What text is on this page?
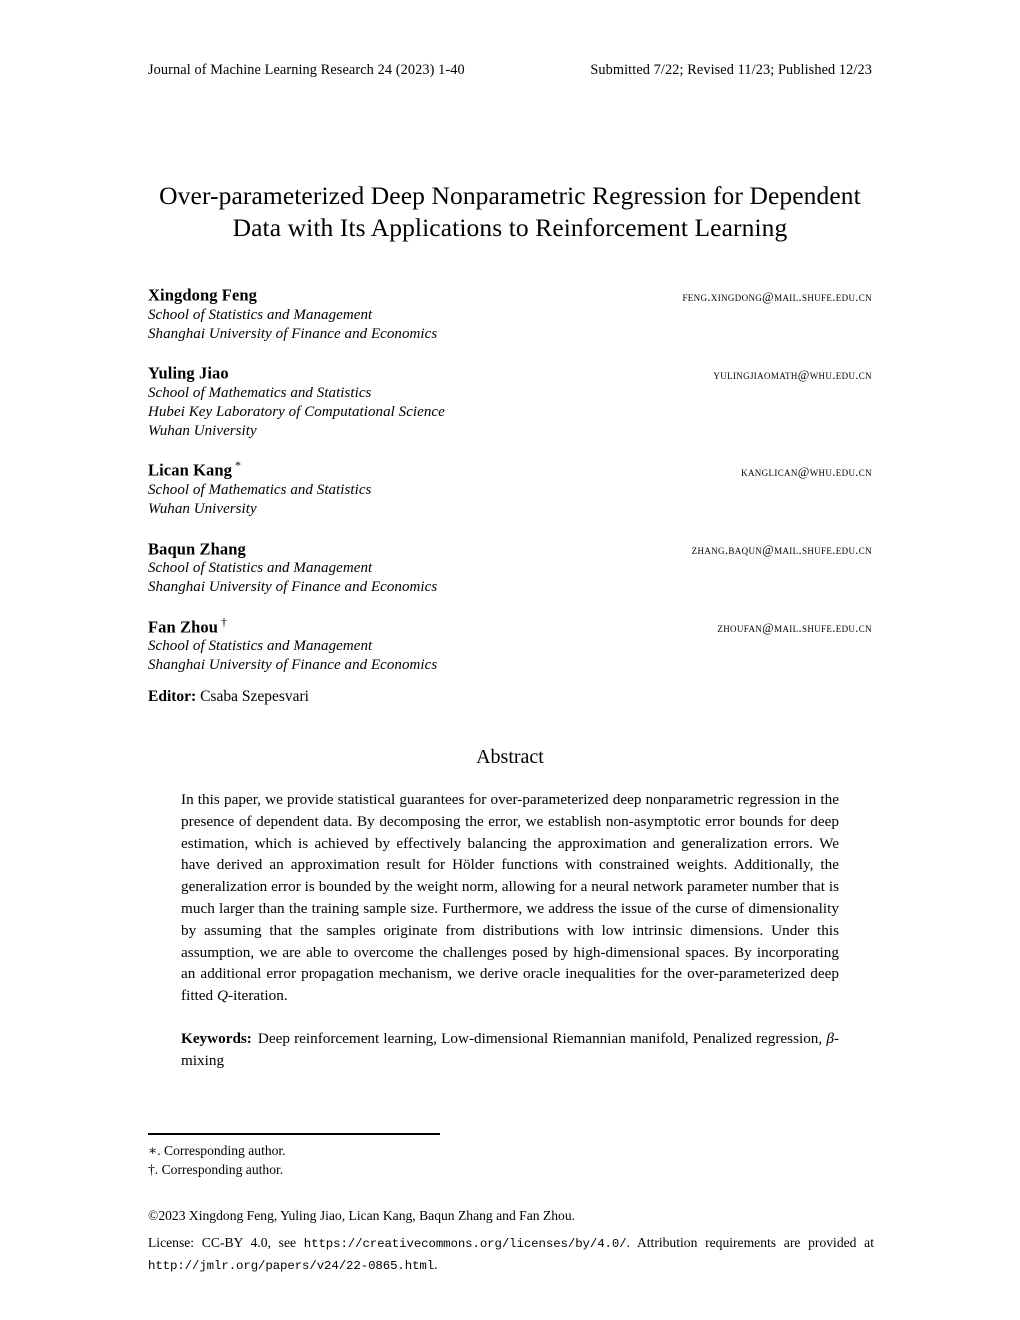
Journal of Machine Learning Research 24 (2023) 1-40	Submitted 7/22; Revised 11/23; Published 12/23
Over-parameterized Deep Nonparametric Regression for Dependent Data with Its Applications to Reinforcement Learning
Xingdong Feng	feng.xingdong@mail.shufe.edu.cn
School of Statistics and Management
Shanghai University of Finance and Economics
Yuling Jiao	yulingjiaomath@whu.edu.cn
School of Mathematics and Statistics
Hubei Key Laboratory of Computational Science
Wuhan University
Lican Kang *	kanglican@whu.edu.cn
School of Mathematics and Statistics
Wuhan University
Baqun Zhang	zhang.baqun@mail.shufe.edu.cn
School of Statistics and Management
Shanghai University of Finance and Economics
Fan Zhou †	zhoufan@mail.shufe.edu.cn
School of Statistics and Management
Shanghai University of Finance and Economics
Editor: Csaba Szepesvari
Abstract

In this paper, we provide statistical guarantees for over-parameterized deep nonparametric regression in the presence of dependent data. By decomposing the error, we establish non-asymptotic error bounds for deep estimation, which is achieved by effectively balancing the approximation and generalization errors. We have derived an approximation result for Hölder functions with constrained weights. Additionally, the generalization error is bounded by the weight norm, allowing for a neural network parameter number that is much larger than the training sample size. Furthermore, we address the issue of the curse of dimensionality by assuming that the samples originate from distributions with low intrinsic dimensions. Under this assumption, we are able to overcome the challenges posed by high-dimensional spaces. By incorporating an additional error propagation mechanism, we derive oracle inequalities for the over-parameterized deep fitted Q-iteration.

Keywords: Deep reinforcement learning, Low-dimensional Riemannian manifold, Penalized regression, β-mixing
∗. Corresponding author.
†. Corresponding author.
©2023 Xingdong Feng, Yuling Jiao, Lican Kang, Baqun Zhang and Fan Zhou.
License: CC-BY 4.0, see https://creativecommons.org/licenses/by/4.0/. Attribution requirements are provided at http://jmlr.org/papers/v24/22-0865.html.
